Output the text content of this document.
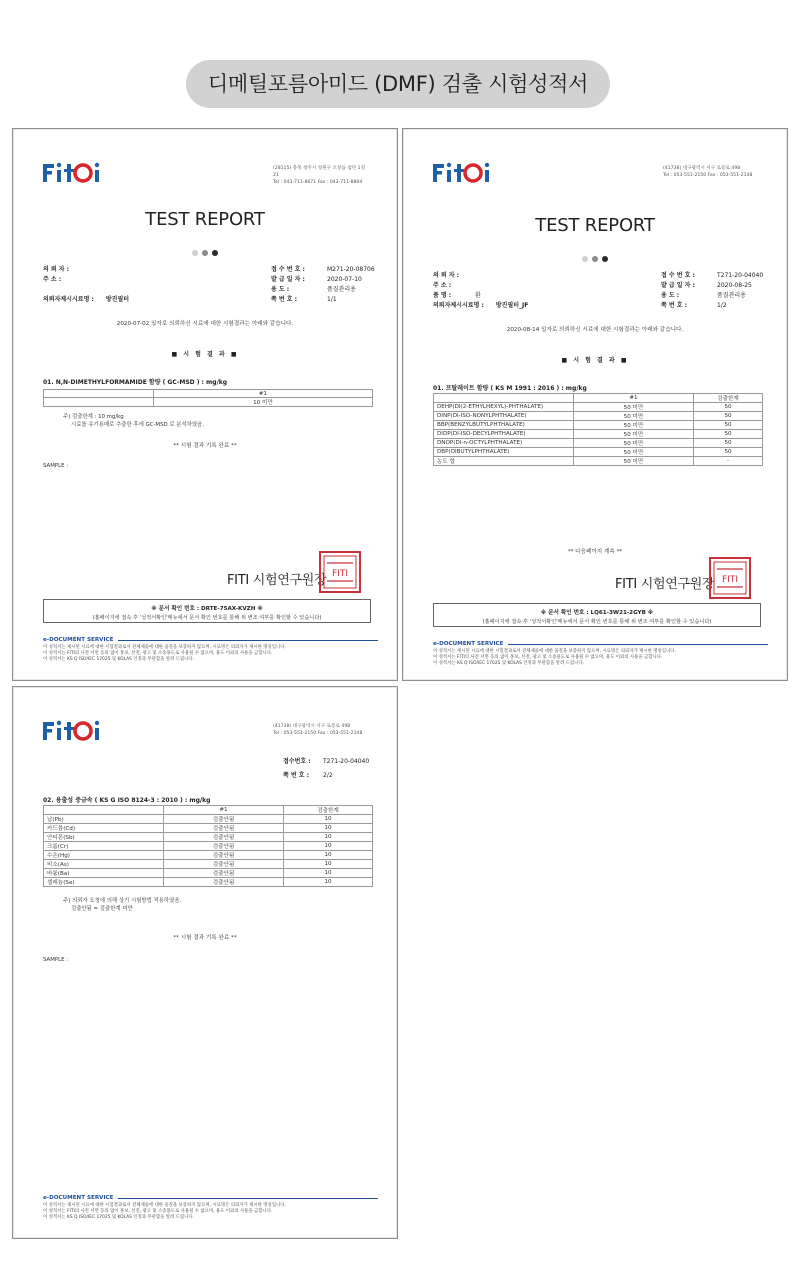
디메틸포름아미드 (DMF) 검출 시험성적서
(28115) 충북 청주시 청원구 오창읍 첨단 1길 21
Tel : 043-711-8671 Fax : 043-711-8804
TEST REPORT
의 뢰 자 :
주 소 :

의뢰자제시시료명 : 방진필터
접 수 번 호 :	M271-20-08706
발 급 일 자 :	2020-07-10
용 도 :	품질관리용
쪽 번 호 :	1/1
2020-07-02 일자로 의뢰하신 시료에 대한 시험결과는 아래와 같습니다.
■ 시 험 결 과 ■
01. N,N-DIMETHYLFORMAMIDE 함량 ( GC-MSD ) : mg/kg
	#1
	10 미만
주) 검출한계 : 10 mg/kg
시료를 유기용매로 추출한 후에 GC-MSD 로 분석하였음.
** 시험 결과 기록 완료 **
SAMPLE :
FITI 시험연구원장 FITI
※ 문서 확인 번호 : DRTE-75AX-KVZH ※
(홈페이지에 접속 후 '성적서확인'메뉴에서 문서 확인 번호를 통해 위 변조 여부를 확인할 수 있습니다)
e-DOCUMENT SERVICE
이 성적서는 제시된 시료에 대한 시험결과로서 전체제품에 대한 품질을 보증하지 않으며, 시료명은 의뢰자가 제시한 명칭입니다.
이 성적서는 FITI의 사전 서면 동의 없이 홍보, 선전, 광고 및 소송용도로 사용될 수 없으며, 용도 이외의 사용을 금합니다.
이 성적서는 KS Q ISO/IEC 17025 및 KOLAS 인정과 무관함을 알려 드립니다.
(41738) 대구광역시 서구 로롱로 498
Tel : 053-551-2150 Fax : 053-551-2148
TEST REPORT
의 뢰 자 :
주 소 :
품 명 :	환
의뢰자제시시료명 : 방진필터_JF
접 수 번 호 :	T271-20-04040
발 급 일 자 :	2020-08-25
용 도 :	품질관리용
쪽 번 호 :	1/2
2020-08-14 일자로 의뢰하신 시료에 대한 시험결과는 아래와 같습니다.
■ 시 험 결 과 ■
01. 프탈레이트 함량 ( KS M 1991 : 2016 ) : mg/kg
	#1	검출한계
DEHP(DI(2-ETHYLHEXYL)-PHTHALATE)	50 미만	50
DINP(DI-ISO-NONYLPHTHALATE)	50 미만	50
BBP(BENZYLBUTYLPHTHALATE)	50 미만	50
DIDP(DI-ISO-DECYLPHTHALATE)	50 미만	50
DNOP(DI-n-OCTYLPHTHALATE)	50 미만	50
DBP(DIBUTYLPHTHALATE)	50 미만	50
농도 합	50 미만	-
** 다음페이지 계속 **
FITI 시험연구원장 FITI
※ 문서 확인 번호 : LQ61-3W21-2GYB ※
(홈페이지에 접속 후 '성적서확인'메뉴에서 문서 확인 번호를 통해 위 변조 여부를 확인할 수 있습니다)
e-DOCUMENT SERVICE
이 성적서는 제시된 시료에 대한 시험결과로서 전체제품에 대한 품질을 보증하지 않으며, 시료명은 의뢰자가 제시한 명칭입니다.
이 성적서는 FITI의 사전 서면 동의 없이 홍보, 선전, 광고 및 소송용도로 사용될 수 없으며, 용도 이외의 사용을 금합니다.
이 성적서는 KS Q ISO/IEC 17025 및 KOLAS 인정과 무관함을 알려 드립니다.
(41738) 대구광역시 서구 로롱로 498
Tel : 053-551-2150 Fax : 053-551-2148
접수번호 : T271-20-04040
쪽 번 호 : 2/2
02. 용출성 중금속 ( KS G ISO 8124-3 : 2010 ) : mg/kg
	#1	검출한계
납(Pb)	검출안됨	10
카드뮴(Cd)	검출안됨	10
안티몬(Sb)	검출안됨	10
크롬(Cr)	검출안됨	10
수은(Hg)	검출안됨	10
비소(As)	검출안됨	10
바륨(Ba)	검출안됨	10
셀레늄(Se)	검출안됨	10
주) 의뢰자 요청에 의해 상기 시험방법 적용하였음.
검출안됨 = 검출한계 미만
** 시험 결과 기록 완료 **
SAMPLE :
e-DOCUMENT SERVICE
이 성적서는 제시된 시료에 대한 시험결과로서 전체제품에 대한 품질을 보증하지 않으며, 시료명은 의뢰자가 제시한 명칭입니다.
이 성적서는 FITI의 사전 서면 동의 없이 홍보, 선전, 광고 및 소송용도로 사용될 수 없으며, 용도 이외의 사용을 금합니다.
이 성적서는 KS Q ISO/IEC 17025 및 KOLAS 인정과 무관함을 알려 드립니다.
